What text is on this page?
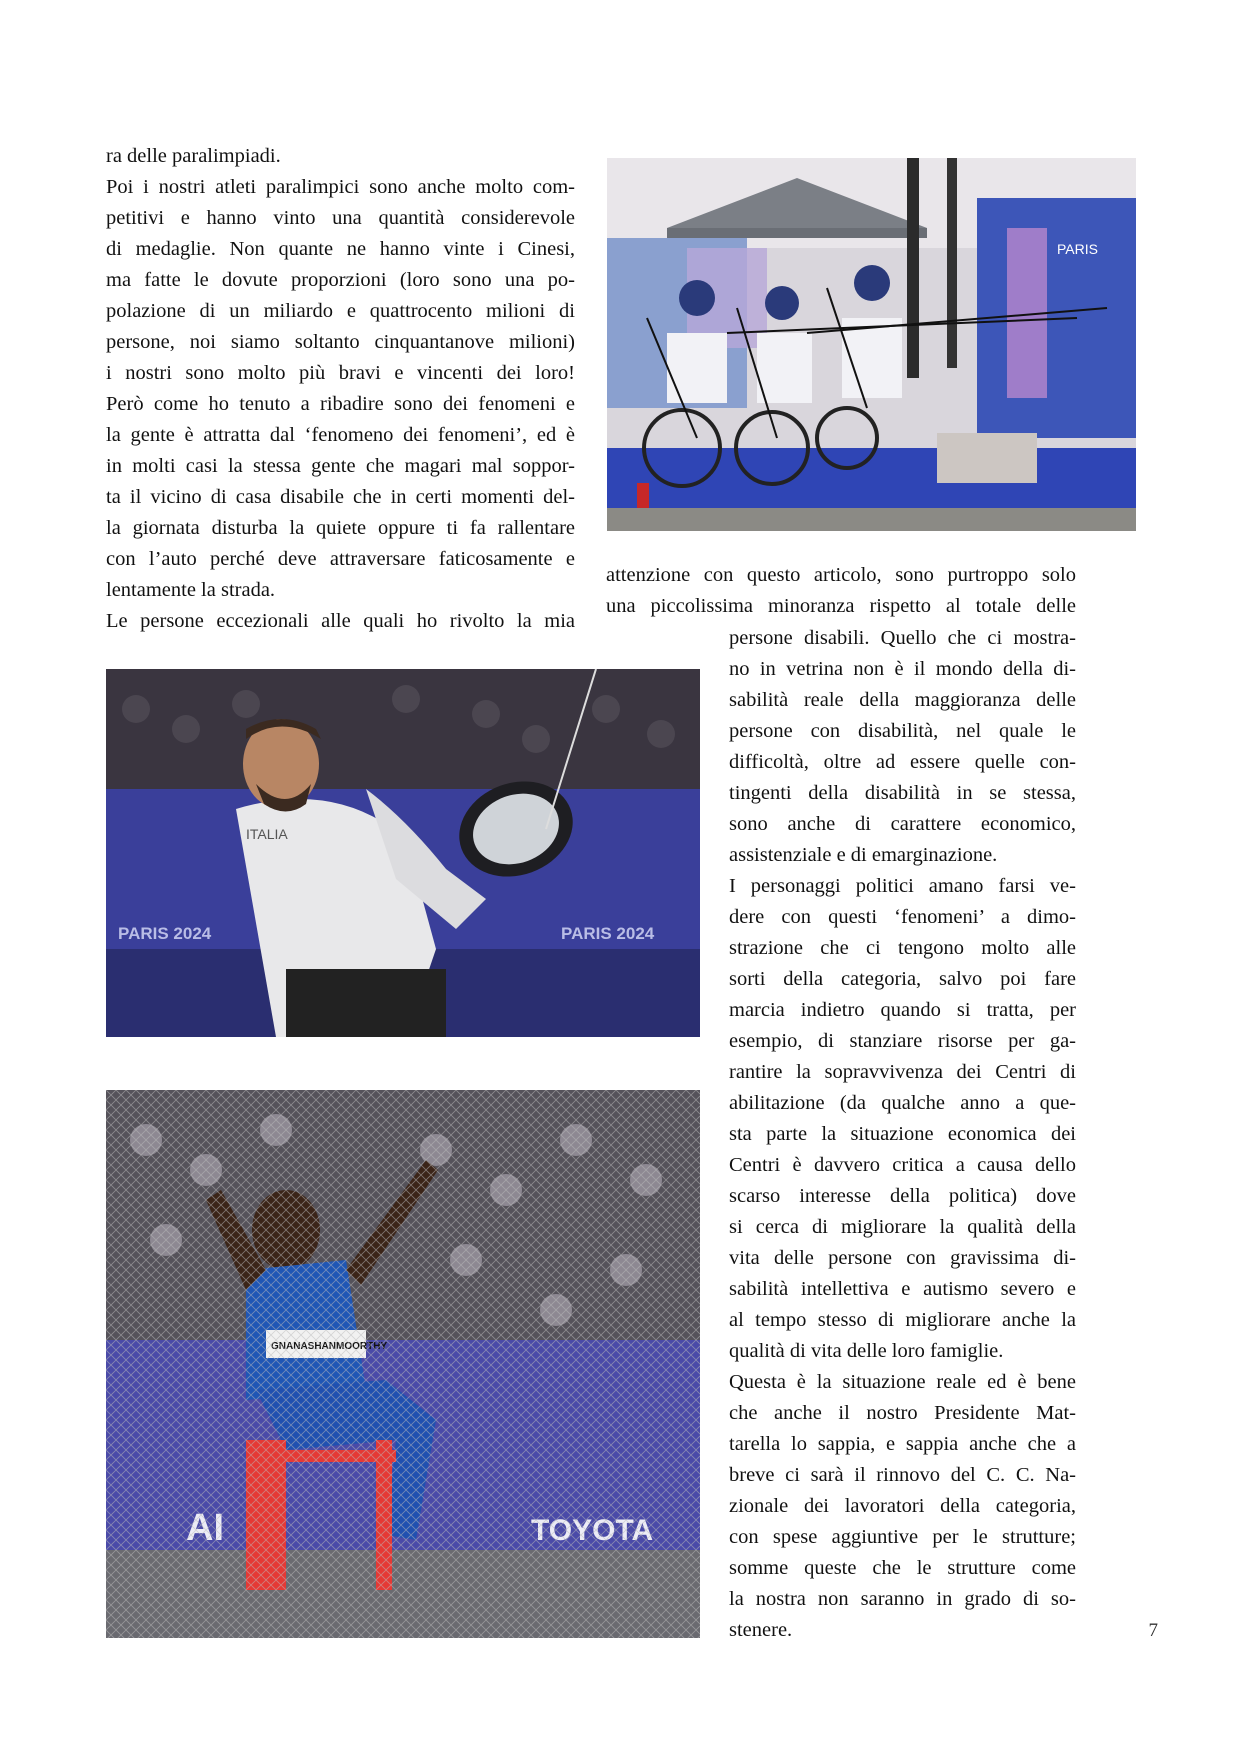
ra delle paralimpiadi.
Poi i nostri atleti paralimpici sono anche molto com-
petitivi e hanno vinto una quantità considerevole
di medaglie. Non quante ne hanno vinte i Cinesi,
ma fatte le dovute proporzioni (loro sono una po-
polazione di un miliardo e quattrocento milioni di
persone, noi siamo soltanto cinquantanove milioni)
i nostri sono molto più bravi e vincenti dei loro!
Però come ho tenuto a ribadire sono dei fenomeni e
la gente è attratta dal ‘fenomeno dei fenomeni’, ed è
in molti casi la stessa gente che magari mal soppor-
ta il vicino di casa disabile che in certi momenti del-
la giornata disturba la quiete oppure ti fa rallentare
con l’auto perché deve attraversare faticosamente e
lentamente la strada.
Le persone eccezionali alle quali ho rivolto la mia
attenzione con questo articolo, sono purtroppo solo
una piccolissima minoranza rispetto al totale delle
persone disabili. Quello che ci mostra-
no in vetrina non è il mondo della di-
sabilità reale della maggioranza delle
persone con disabilità, nel quale le
difficoltà, oltre ad essere quelle con-
tingenti della disabilità in se stessa,
sono anche di carattere economico,
assistenziale e di emarginazione.
I personaggi politici amano farsi ve-
dere con questi ‘fenomeni’ a dimo-
strazione che ci tengono molto alle
sorti della categoria, salvo poi fare
marcia indietro quando si tratta, per
esempio, di stanziare risorse per ga-
rantire la sopravvivenza dei Centri di
abilitazione (da qualche anno a que-
sta parte la situazione economica dei
Centri è davvero critica a causa dello
scarso interesse della politica) dove
si cerca di migliorare la qualità della
vita delle persone con gravissima di-
sabilità intellettiva e autismo severo e
al tempo stesso di migliorare anche la
qualità di vita delle loro famiglie.
Questa è la situazione reale ed è bene
che anche il nostro Presidente Mat-
tarella lo sappia, e sappia anche che a
breve ci sarà il rinnovo del C. C. Na-
zionale dei lavoratori della categoria,
con spese aggiuntive per le strutture;
somme queste che le strutture come
la nostra non saranno in grado di so-
stenere.
PARIS
PARIS 2024	PARIS 2024
ITALIA
7
